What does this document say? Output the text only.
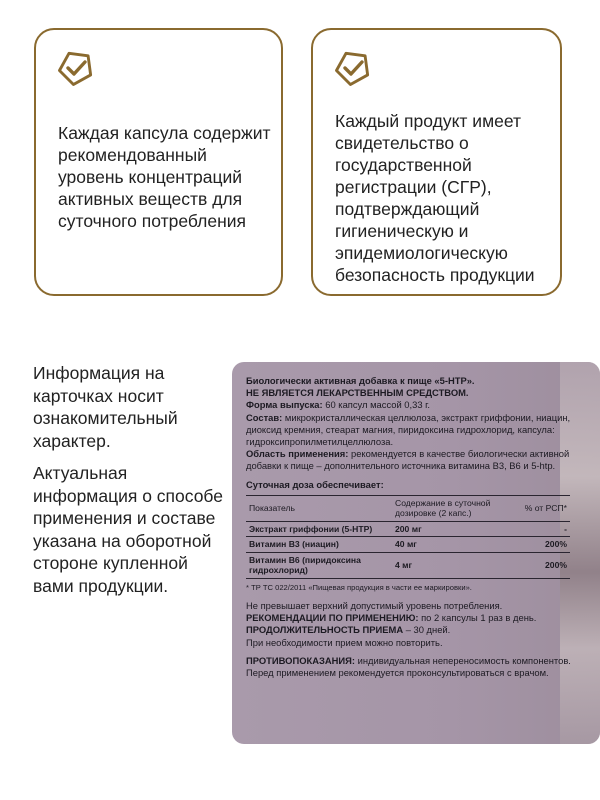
Каждая капсула содержит рекомендованный уровень концентраций активных веществ для суточного потребления
Каждый продукт имеет свидетельство о государственной регистрации (СГР), подтверждающий гигиеническую и эпидемиологическую безопасность продукции
Информация на карточках носит ознакомительный характер.
Актуальная информация о способе применения и составе указана на оборотной стороне купленной вами продукции.
Биологически активная добавка к пище «5-HTP».
НЕ ЯВЛЯЕТСЯ ЛЕКАРСТВЕННЫМ СРЕДСТВОМ.
Форма выпуска: 60 капсул массой 0,33 г.
Состав: микрокристаллическая целлюлоза, экстракт гриффонии, ниацин, диоксид кремния, стеарат магния, пиридоксина гидрохлорид, капсула: гидроксипропилметилцеллюлоза.
Область применения: рекомендуется в качестве биологически активной добавки к пище – дополнительного источника витамина В3, В6 и 5-htp.
Суточная доза обеспечивает:
Показатель	Содержание в суточной дозировке (2 капс.)	% от РСП*
Экстракт гриффонии (5-HTP)	200 мг	-
Витамин В3 (ниацин)	40 мг	200%
Витамин В6 (пиридоксина гидрохлорид)	4 мг	200%
* ТР ТС 022/2011 «Пищевая продукция в части ее маркировки».
Не превышает верхний допустимый уровень потребления.
РЕКОМЕНДАЦИИ ПО ПРИМЕНЕНИЮ: по 2 капсулы 1 раз в день.
ПРОДОЛЖИТЕЛЬНОСТЬ ПРИЕМА – 30 дней.
При необходимости прием можно повторить.
ПРОТИВОПОКАЗАНИЯ: индивидуальная непереносимость компонентов. Перед применением рекомендуется проконсультироваться с врачом.
